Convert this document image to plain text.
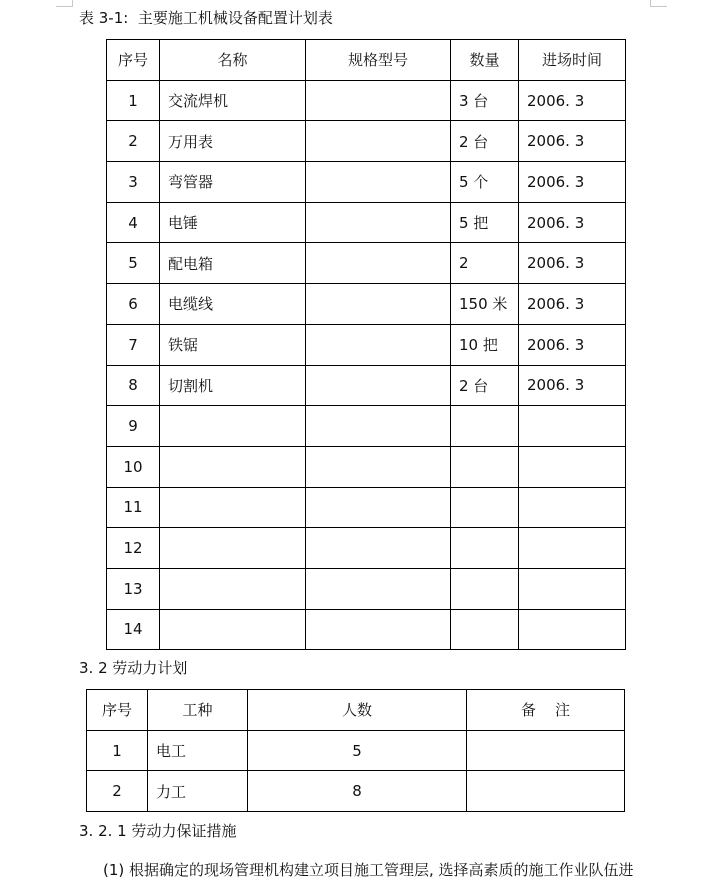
表 3-1:  主要施工机械设备配置计划表
序号	名称	规格型号	数量	进场时间
1	交流焊机		3 台	2006. 3
2	万用表		2 台	2006. 3
3	弯管器		5 个	2006. 3
4	电锤		5 把	2006. 3
5	配电箱		2	2006. 3
6	电缆线		150 米	2006. 3
7	铁锯		10 把	2006. 3
8	切割机		2 台	2006. 3
9				
10				
11				
12				
13				
14				
3. 2 劳动力计划
序号	工种	人数	备    注
1	电工	5	
2	力工	8	
3. 2. 1 劳动力保证措施
(1) 根据确定的现场管理机构建立项目施工管理层, 选择高素质的施工作业队伍进
